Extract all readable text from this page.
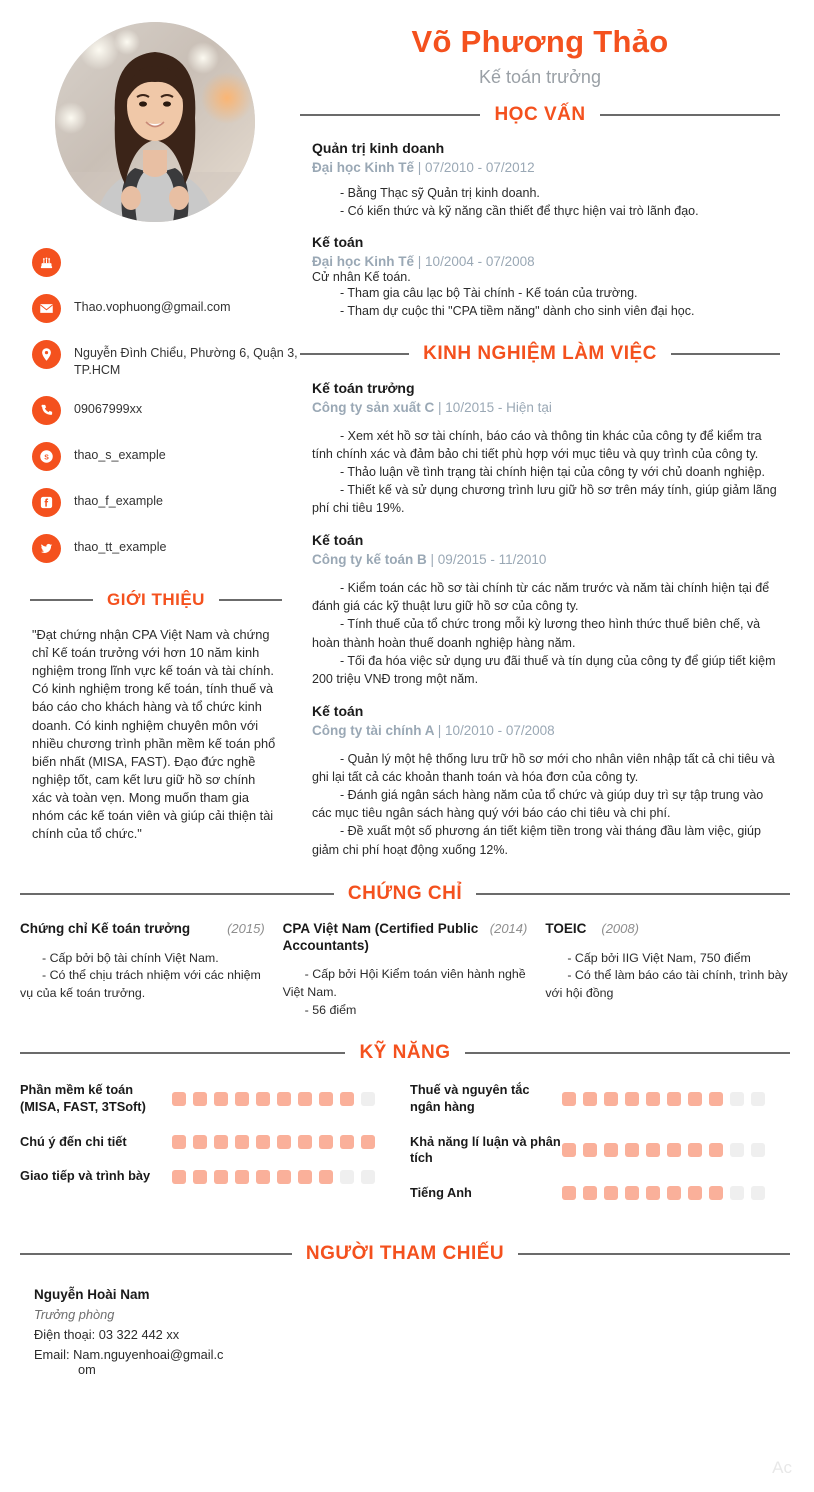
Thao.vophuong@gmail.com
Nguyễn Đình Chiểu, Phường 6, Quận 3, TP.HCM
09067999xx
S thao_s_example
thao_f_example
thao_tt_example
GIỚI THIỆU
"Đạt chứng nhận CPA Việt Nam và chứng chỉ Kế toán trưởng với hơn 10 năm kinh nghiệm trong lĩnh vực kế toán và tài chính. Có kinh nghiệm trong kế toán, tính thuế và báo cáo cho khách hàng và tổ chức kinh doanh. Có kinh nghiệm chuyên môn với nhiều chương trình phần mềm kế toán phổ biến nhất (MISA, FAST). Đạo đức nghề nghiệp tốt, cam kết lưu giữ hồ sơ chính xác và toàn vẹn. Mong muốn tham gia nhóm các kế toán viên và giúp cải thiện tài chính của tổ chức."
Võ Phương Thảo
Kế toán trưởng
HỌC VẤN
Quản trị kinh doanh
Đại học Kinh Tế | 07/2010 - 07/2012
- Bằng Thạc sỹ Quản trị kinh doanh.
- Có kiến thức và kỹ năng cần thiết để thực hiện vai trò lãnh đạo.
Kế toán
Đại học Kinh Tế | 10/2004 - 07/2008
Cử nhân Kế toán.
- Tham gia câu lạc bộ Tài chính - Kế toán của trường.
- Tham dự cuộc thi "CPA tiềm năng" dành cho sinh viên đại học.
KINH NGHIỆM LÀM VIỆC
Kế toán trưởng
Công ty sản xuất C | 10/2015 - Hiện tại
- Xem xét hồ sơ tài chính, báo cáo và thông tin khác của công ty để kiểm tra tính chính xác và đảm bảo chi tiết phù hợp với mục tiêu và quy trình của công ty.
- Thảo luận về tình trạng tài chính hiện tại của công ty với chủ doanh nghiệp.
- Thiết kế và sử dụng chương trình lưu giữ hồ sơ trên máy tính, giúp giảm lãng phí chi tiêu 19%.
Kế toán
Công ty kế toán B | 09/2015 - 11/2010
- Kiểm toán các hồ sơ tài chính từ các năm trước và năm tài chính hiện tại để đánh giá các kỹ thuật lưu giữ hồ sơ của công ty.
- Tính thuế của tổ chức trong mỗi kỳ lương theo hình thức thuế biên chế, và hoàn thành hoàn thuế doanh nghiệp hàng năm.
- Tối đa hóa việc sử dụng ưu đãi thuế và tín dụng của công ty để giúp tiết kiệm 200 triệu VNĐ trong một năm.
Kế toán
Công ty tài chính A | 10/2010 - 07/2008
- Quản lý một hệ thống lưu trữ hồ sơ mới cho nhân viên nhập tất cả chi tiêu và ghi lại tất cả các khoản thanh toán và hóa đơn của công ty.
- Đánh giá ngân sách hàng năm của tổ chức và giúp duy trì sự tập trung vào các mục tiêu ngân sách hàng quý với báo cáo chi tiêu và chi phí.
- Đề xuất một số phương án tiết kiệm tiền trong vài tháng đầu làm việc, giúp giảm chi phí hoạt động xuống 12%.
CHỨNG CHỈ
Chứng chỉ Kế toán trưởng	(2015)
- Cấp bởi bộ tài chính Việt Nam.
- Có thể chịu trách nhiệm với các nhiệm vụ của kế toán trưởng.
CPA Việt Nam (Certified Public Accountants)
(2014)
- Cấp bởi Hội Kiểm toán viên hành nghề Việt Nam.
- 56 điểm
TOEIC (2008)
- Cấp bởi IIG Việt Nam, 750 điểm
- Có thể làm báo cáo tài chính, trình bày với hội đồng
KỸ NĂNG
Phần mềm kế toán (MISA, FAST, 3TSoft)
Chú ý đến chi tiết
Giao tiếp và trình bày
Thuế và nguyên tắc ngân hàng
Khả năng lí luận và phân tích
Tiếng Anh
NGƯỜI THAM CHIẾU
Nguyễn Hoài Nam
Trưởng phòng
Điện thoại: 03 322 442 xx
Email: Nam.nguyenhoai@gmail.c
om
Ac
